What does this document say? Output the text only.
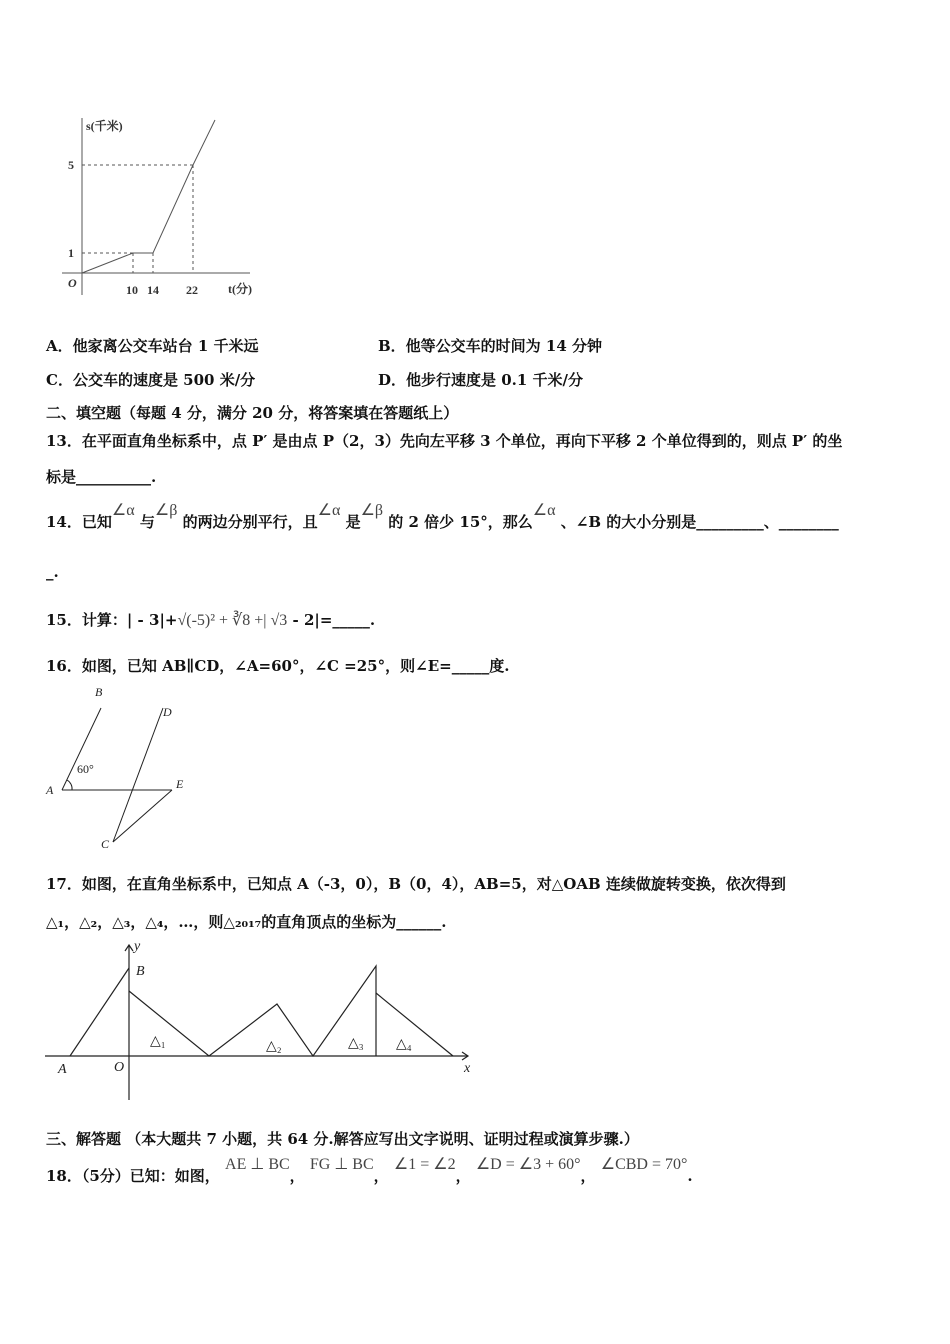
s(千米)
t(分)
O
5
1
10 14 22
B
D
A	E
C
60°
A	O
B
y
x
△₁	△₂	△₃ △₄
A．他家离公交车站台 1 千米远	B．他等公交车的时间为 14 分钟
C．公交车的速度是 500 米/分	D．他步行速度是 0.1 千米/分
二、填空题（每题 4 分，满分 20 分，将答案填在答题纸上）
13．在平面直角坐标系中，点 P′ 是由点 P（2，3）先向左平移 3 个单位，再向下平移 2 个单位得到的，则点 P′ 的坐
标是__________.
14．已知∠α 与∠β 的两边分别平行，且∠α 是∠β 的 2 倍少 15°，那么∠α 、∠B 的大小分别是_________、________
_.
15．计算：| - 3|+√(-5)² + ∛8 +| √3 - 2|=_____.
16．如图，已知 AB∥CD，∠A=60°，∠C =25°，则∠E=_____度.
17．如图，在直角坐标系中，已知点 A（-3，0），B（0，4），AB=5，对△OAB 连续做旋转变换，依次得到
△₁，△₂，△₃，△₄，…，则△₂₀₁₇的直角顶点的坐标为______.
三、解答题 （本大题共 7 小题，共 64 分.解答应写出文字说明、证明过程或演算步骤.）
18．（5分）已知：如图， AE ⊥ BC， FG ⊥ BC， ∠1 = ∠2， ∠D = ∠3 + 60°， ∠CBD = 70°.
